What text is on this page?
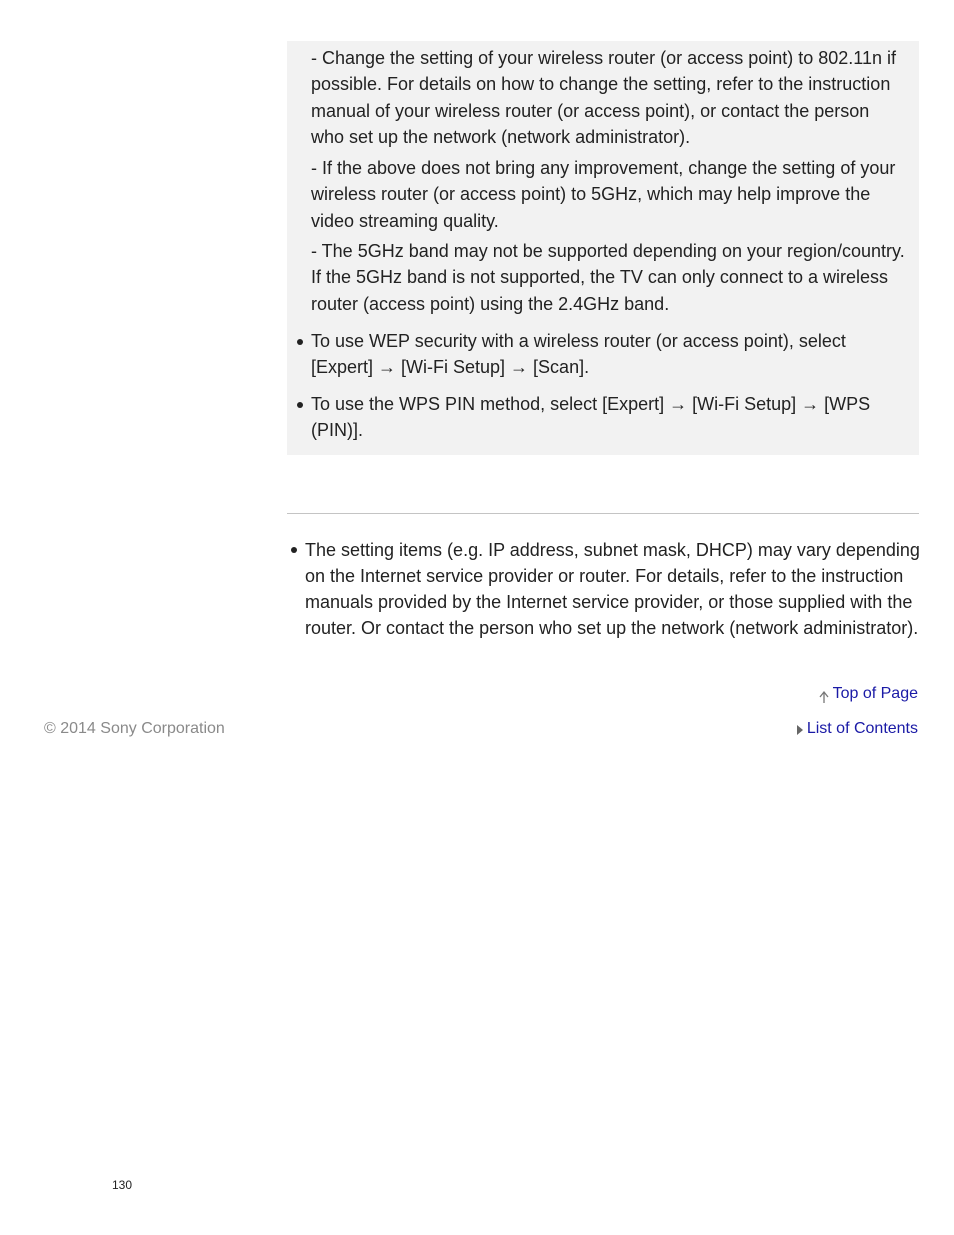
- Change the setting of your wireless router (or access point) to 802.11n if possible. For details on how to change the setting, refer to the instruction manual of your wireless router (or access point), or contact the person who set up the network (network administrator).

- If the above does not bring any improvement, change the setting of your wireless router (or access point) to 5GHz, which may help improve the video streaming quality.

- The 5GHz band may not be supported depending on your region/country. If the 5GHz band is not supported, the TV can only connect to a wireless router (access point) using the 2.4GHz band.

To use WEP security with a wireless router (or access point), select [Expert] → [Wi-Fi Setup] → [Scan].
To use the WPS PIN method, select [Expert] → [Wi-Fi Setup] → [WPS (PIN)].
The setting items (e.g. IP address, subnet mask, DHCP) may vary depending on the Internet service provider or router. For details, refer to the instruction manuals provided by the Internet service provider, or those supplied with the router. Or contact the person who set up the network (network administrator).
Top of Page
© 2014 Sony Corporation	List of Contents
130
